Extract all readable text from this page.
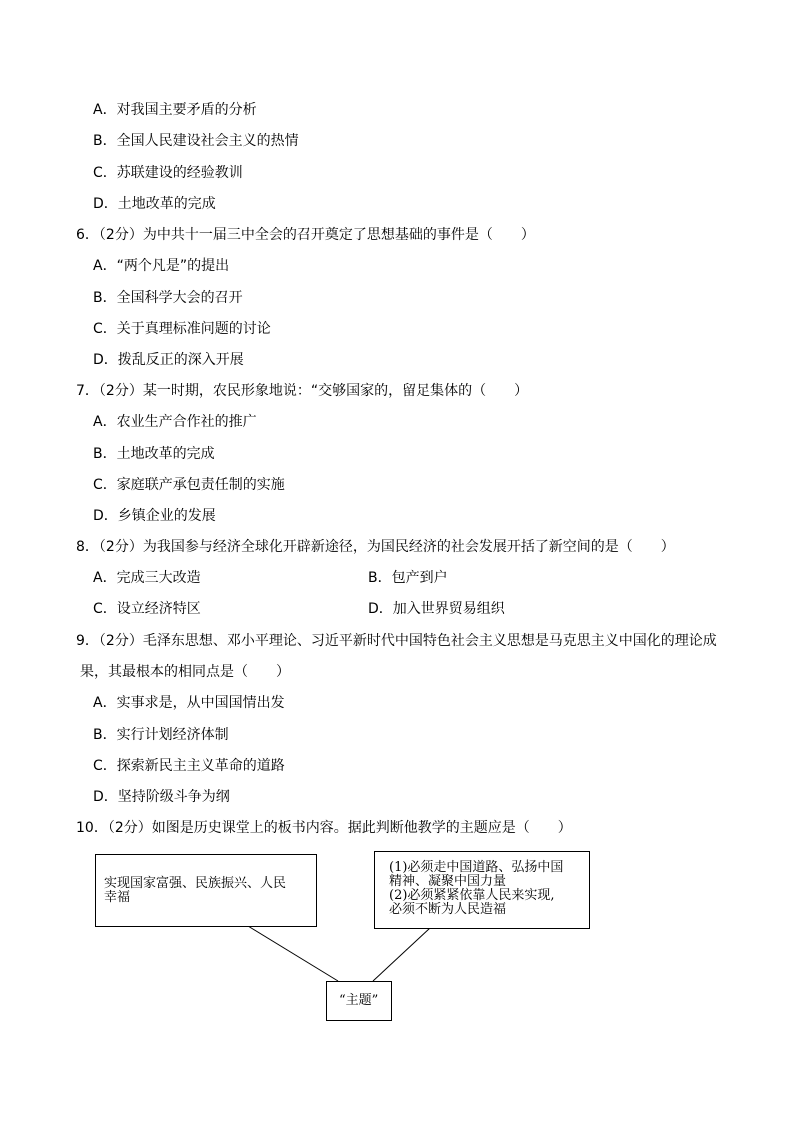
A．对我国主要矛盾的分析
B．全国人民建设社会主义的热情
C．苏联建设的经验教训
D．土地改革的完成
6．（2分）为中共十一届三中全会的召开奠定了思想基础的事件是（　　）
A．“两个凡是”的提出
B．全国科学大会的召开
C．关于真理标准问题的讨论
D．拨乱反正的深入开展
7．（2分）某一时期，农民形象地说：“交够国家的，留足集体的（　　）
A．农业生产合作社的推广
B．土地改革的完成
C．家庭联产承包责任制的实施
D．乡镇企业的发展
8．（2分）为我国参与经济全球化开辟新途径，为国民经济的社会发展开括了新空间的是（　　）
A．完成三大改造	B．包产到户
C．设立经济特区	D．加入世界贸易组织
9．（2分）毛泽东思想、邓小平理论、习近平新时代中国特色社会主义思想是马克思主义中国化的理论成
果，其最根本的相同点是（　　）
A．实事求是，从中国国情出发
B．实行计划经济体制
C．探索新民主主义革命的道路
D．坚持阶级斗争为纲
10．（2分）如图是历史课堂上的板书内容。据此判断他教学的主题应是（　　）
实现国家富强、民族振兴、人民
幸福
(1)必须走中国道路、弘扬中国
精神、凝聚中国力量
(2)必须紧紧依靠人民来实现,
必须不断为人民造福
“主题”
